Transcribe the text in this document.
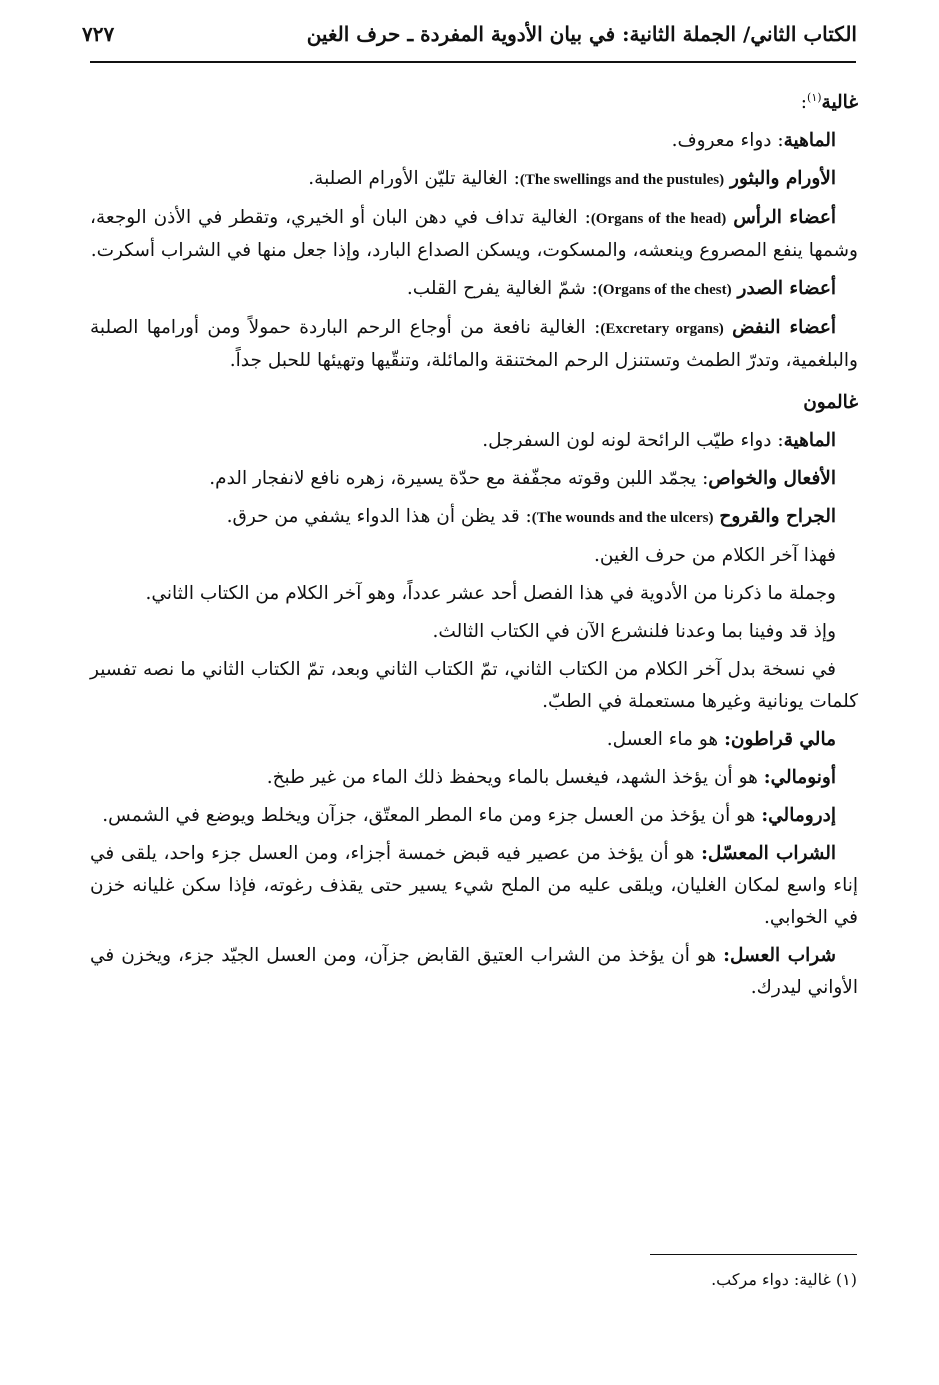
الكتاب الثاني/ الجملة الثانية: في بيان الأدوية المفردة ـ حرف الغين
٧٢٧

غالية$^{(١)}$:

الماهية: دواء معروف.

الأورام والبثور (The swellings and the pustules): الغالية تليّن الأورام الصلبة.

أعضاء الرأس (Organs of the head): الغالية تداف في دهن البان أو الخيري، وتقطر في الأذن الوجعة، وشمها ينفع المصروع وينعشه، والمسكوت، ويسكن الصداع البارد، وإذا جعل منها في الشراب أسكرت.

أعضاء الصدر (Organs of the chest): شمّ الغالية يفرح القلب.

أعضاء النفض (Excretary organs): الغالية نافعة من أوجاع الرحم الباردة حمولاً ومن أورامها الصلبة والبلغمية، وتدرّ الطمث وتستنزل الرحم المختنقة والمائلة، وتنقّيها وتهيئها للحبل جداً.

غالمون

الماهية: دواء طيّب الرائحة لونه لون السفرجل.

الأفعال والخواص: يجمّد اللبن وقوته مجفّفة مع حدّة يسيرة، زهره نافع لانفجار الدم.

الجراح والقروح (The wounds and the ulcers): قد يظن أن هذا الدواء يشفي من حرق.

فهذا آخر الكلام من حرف الغين.

وجملة ما ذكرنا من الأدوية في هذا الفصل أحد عشر عدداً، وهو آخر الكلام من الكتاب الثاني.

وإذ قد وفينا بما وعدنا فلنشرع الآن في الكتاب الثالث.

في نسخة بدل آخر الكلام من الكتاب الثاني، تمّ الكتاب الثاني وبعد، تمّ الكتاب الثاني ما نصه تفسير كلمات يونانية وغيرها مستعملة في الطبّ.

مالي قراطون: هو ماء العسل.

أونومالي: هو أن يؤخذ الشهد، فيغسل بالماء ويحفظ ذلك الماء من غير طبخ.

إدرومالي: هو أن يؤخذ من العسل جزء ومن ماء المطر المعتّق، جزآن ويخلط ويوضع في الشمس.

الشراب المعسّل: هو أن يؤخذ من عصير فيه قبض خمسة أجزاء، ومن العسل جزء واحد، يلقى في إناء واسع لمكان الغليان، ويلقى عليه من الملح شيء يسير حتى يقذف رغوته، فإذا سكن غليانه خزن في الخوابي.

شراب العسل: هو أن يؤخذ من الشراب العتيق القابض جزآن، ومن العسل الجيّد جزء، ويخزن في الأواني ليدرك.

(١) غالية: دواء مركب.
